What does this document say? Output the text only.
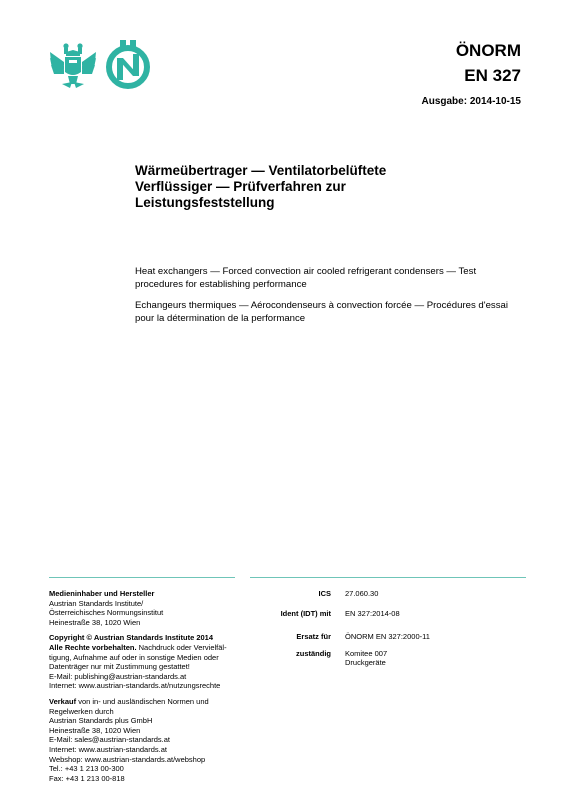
ÖNORM
EN 327
Ausgabe: 2014-10-15

Wärmeübertrager — Ventilatorbelüftete Verflüssiger — Prüfverfahren zur Leistungsfeststellung

Heat exchangers — Forced convection air cooled refrigerant condensers — Test procedures for establishing performance

Echangeurs thermiques — Aérocondenseurs à convection forcée — Procédures d'essai pour la détermination de la performance

Medieninhaber und Hersteller
Austrian Standards Institute/
Österreichisches Normungsinstitut
Heinestraße 38, 1020 Wien
Copyright © Austrian Standards Institute 2014
Alle Rechte vorbehalten. Nachdruck oder Vervielfäl-
tigung, Aufnahme auf oder in sonstige Medien oder
Datenträger nur mit Zustimmung gestattet!
E-Mail: publishing@austrian-standards.at
Internet: www.austrian-standards.at/nutzungsrechte
Verkauf von in- und ausländischen Normen und
Regelwerken durch
Austrian Standards plus GmbH
Heinestraße 38, 1020 Wien
E-Mail: sales@austrian-standards.at
Internet: www.austrian-standards.at
Webshop: www.austrian-standards.at/webshop
Tel.: +43 1 213 00-300
Fax: +43 1 213 00-818
ICS	27.060.30
Ident (IDT) mit	EN 327:2014-08
Ersatz für	ÖNORM EN 327:2000-11
zuständig	Komitee 007
Druckgeräte
